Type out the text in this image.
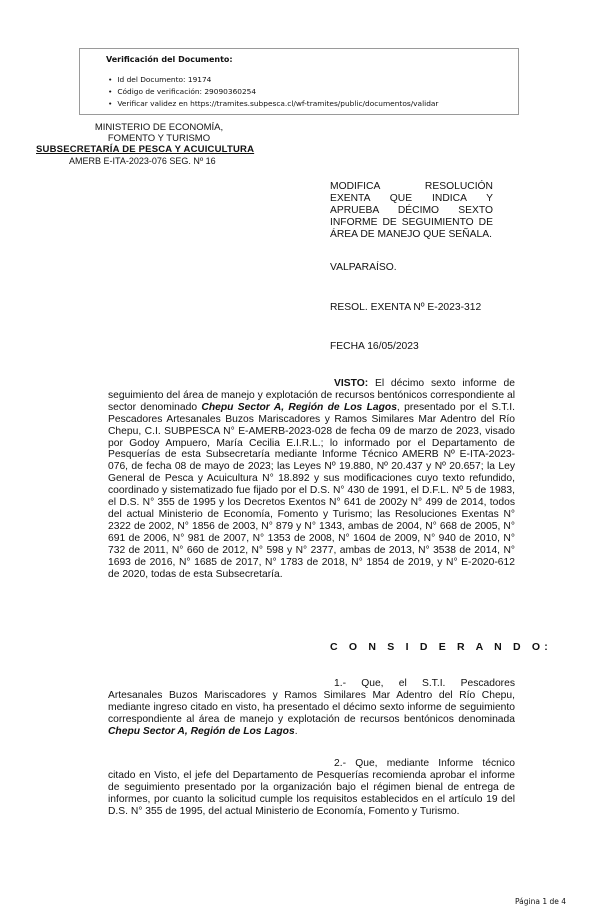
Verificación del Documento:
• Id del Documento: 19174
• Código de verificación: 29090360254
• Verificar validez en https://tramites.subpesca.cl/wf-tramites/public/documentos/validar
MINISTERIO DE ECONOMÍA,
FOMENTO Y TURISMO
SUBSECRETARÍA DE PESCA Y ACUICULTURA
AMERB E-ITA-2023-076 SEG. Nº 16
MODIFICA RESOLUCIÓN EXENTA QUE INDICA Y APRUEBA DÉCIMO SEXTO INFORME DE SEGUIMIENTO DE ÁREA DE MANEJO QUE SEÑALA.
VALPARAÍSO.
RESOL. EXENTA Nº E-2023-312
FECHA 16/05/2023
VISTO: El décimo sexto informe de seguimiento del área de manejo y explotación de recursos bentónicos correspondiente al sector denominado Chepu Sector A, Región de Los Lagos, presentado por el S.T.I. Pescadores Artesanales Buzos Mariscadores y Ramos Similares Mar Adentro del Río Chepu, C.I. SUBPESCA N° E-AMERB-2023-028 de fecha 09 de marzo de 2023, visado por Godoy Ampuero, María Cecilia E.I.R.L.; lo informado por el Departamento de Pesquerías de esta Subsecretaría mediante Informe Técnico AMERB Nº E-ITA-2023-076, de fecha 08 de mayo de 2023; las Leyes Nº 19.880, Nº 20.437 y Nº 20.657; la Ley General de Pesca y Acuicultura N° 18.892 y sus modificaciones cuyo texto refundido, coordinado y sistematizado fue fijado por el D.S. N° 430 de 1991, el D.F.L. Nº 5 de 1983, el D.S. N° 355 de 1995 y los Decretos Exentos N° 641 de 2002y N° 499 de 2014, todos del actual Ministerio de Economía, Fomento y Turismo; las Resoluciones Exentas N° 2322 de 2002, N° 1856 de 2003, N° 879 y N° 1343, ambas de 2004, N° 668 de 2005, N° 691 de 2006, N° 981 de 2007, N° 1353 de 2008, N° 1604 de 2009, N° 940 de 2010, N° 732 de 2011, N° 660 de 2012, N° 598 y N° 2377, ambas de 2013, N° 3538 de 2014, N° 1693 de 2016, N° 1685 de 2017, N° 1783 de 2018, N° 1854 de 2019, y N° E-2020-612 de 2020, todas de esta Subsecretaría.
C O N S I D E R A N D O:
1.- Que, el S.T.I. Pescadores Artesanales Buzos Mariscadores y Ramos Similares Mar Adentro del Río Chepu, mediante ingreso citado en visto, ha presentado el décimo sexto informe de seguimiento correspondiente al área de manejo y explotación de recursos bentónicos denominada Chepu Sector A, Región de Los Lagos.
2.- Que, mediante Informe técnico citado en Visto, el jefe del Departamento de Pesquerías recomienda aprobar el informe de seguimiento presentado por la organización bajo el régimen bienal de entrega de informes, por cuanto la solicitud cumple los requisitos establecidos en el artículo 19 del D.S. N° 355 de 1995, del actual Ministerio de Economía, Fomento y Turismo.
Página 1 de 4
